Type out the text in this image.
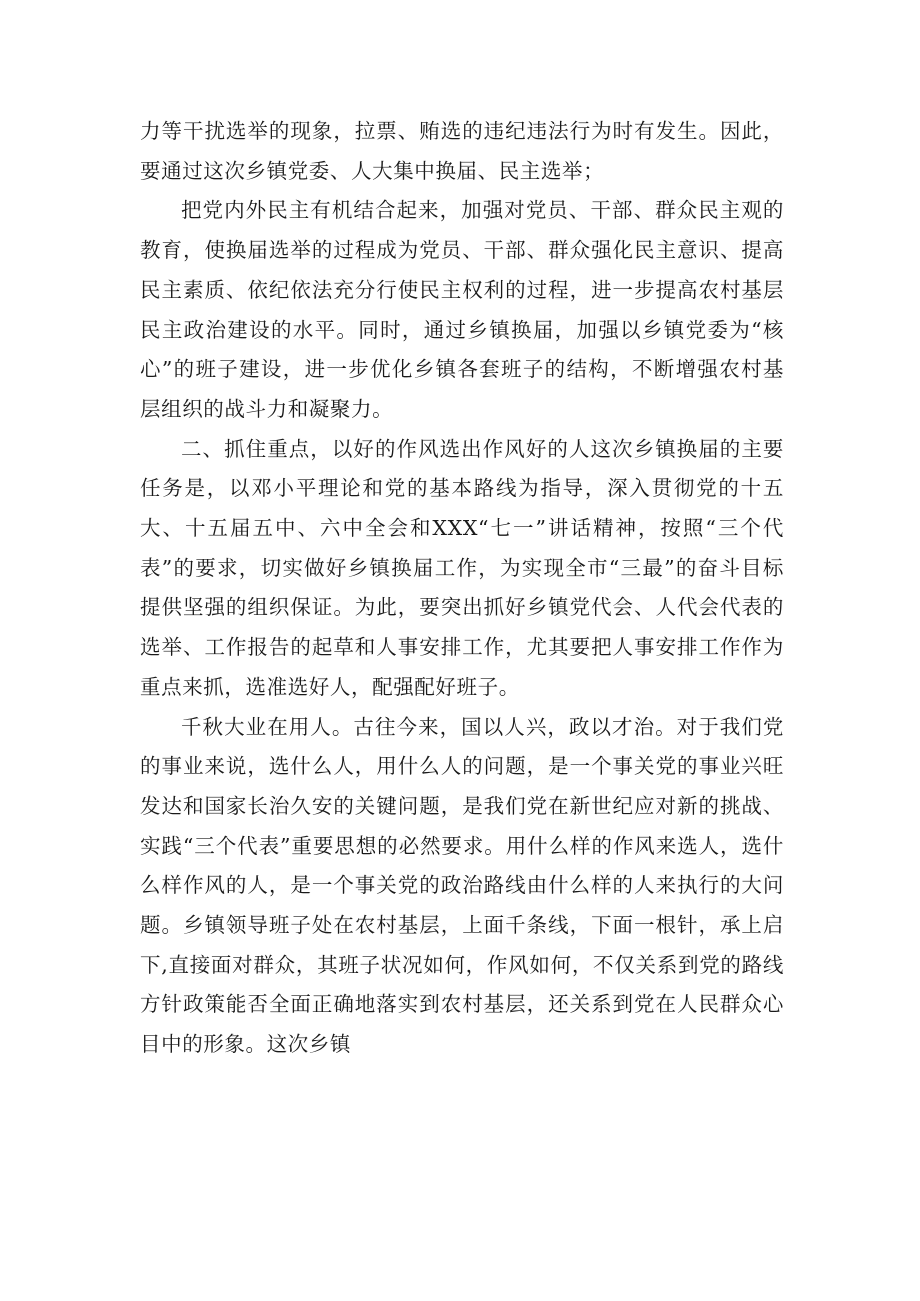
力等干扰选举的现象，拉票、贿选的违纪违法行为时有发生。因此，要通过这次乡镇党委、人大集中换届、民主选举；

把党内外民主有机结合起来，加强对党员、干部、群众民主观的教育，使换届选举的过程成为党员、干部、群众强化民主意识、提高民主素质、依纪依法充分行使民主权利的过程，进一步提高农村基层民主政治建设的水平。同时，通过乡镇换届，加强以乡镇党委为“核心”的班子建设，进一步优化乡镇各套班子的结构，不断增强农村基层组织的战斗力和凝聚力。

二、抓住重点，以好的作风选出作风好的人这次乡镇换届的主要任务是，以邓小平理论和党的基本路线为指导，深入贯彻党的十五大、十五届五中、六中全会和XXX“七一”讲话精神，按照“三个代表”的要求，切实做好乡镇换届工作，为实现全市“三最”的奋斗目标提供坚强的组织保证。为此，要突出抓好乡镇党代会、人代会代表的选举、工作报告的起草和人事安排工作，尤其要把人事安排工作作为重点来抓，选准选好人，配强配好班子。

千秋大业在用人。古往今来，国以人兴，政以才治。对于我们党的事业来说，选什么人，用什么人的问题，是一个事关党的事业兴旺发达和国家长治久安的关键问题，是我们党在新世纪应对新的挑战、实践“三个代表”重要思想的必然要求。用什么样的作风来选人，选什么样作风的人，是一个事关党的政治路线由什么样的人来执行的大问题。乡镇领导班子处在农村基层，上面千条线，下面一根针，承上启下,直接面对群众，其班子状况如何，作风如何，不仅关系到党的路线方针政策能否全面正确地落实到农村基层，还关系到党在人民群众心目中的形象。这次乡镇
